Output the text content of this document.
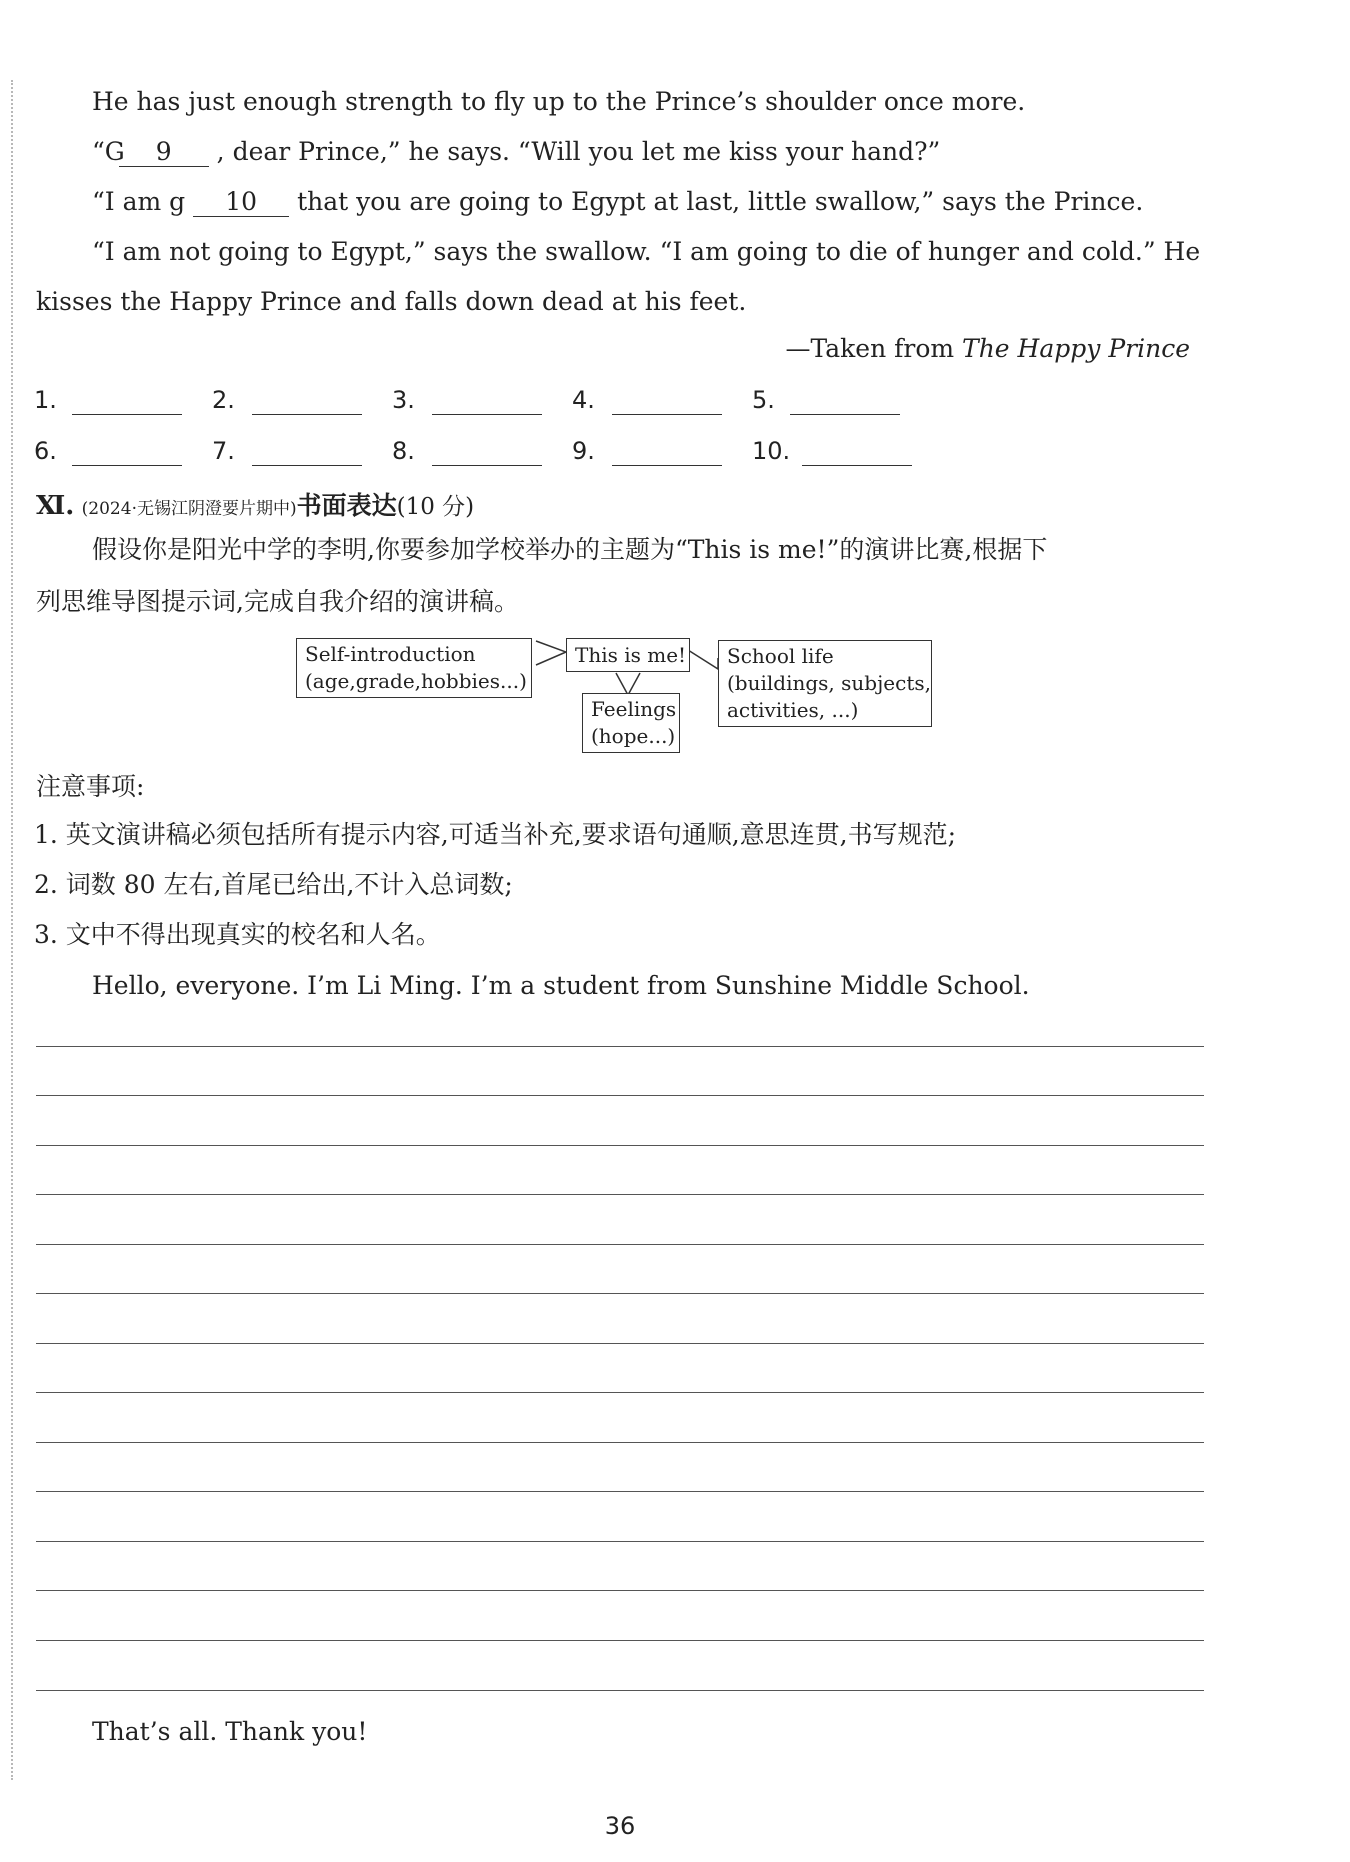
He has just enough strength to fly up to the Prince’s shoulder once more.
“G 9 , dear Prince,” he says. “Will you let me kiss your hand?”
“I am g 10 that you are going to Egypt at last, little swallow,” says the Prince.
“I am not going to Egypt,” says the swallow. “I am going to die of hunger and cold.” He
kisses the Happy Prince and falls down dead at his feet.
—Taken from The Happy Prince
1.	2.	3.	4.	5.
6.	7.	8.	9.	10.
Ⅺ. (2024·无锡江阴澄要片期中)书面表达(10 分)
假设你是阳光中学的李明,你要参加学校举办的主题为“This is me!”的演讲比赛,根据下
列思维导图提示词,完成自我介绍的演讲稿。
Self-introduction
(age,grade,hobbies...)
This is me! School life
(buildings, subjects,
activities, ...)
Feelings
(hope...)
注意事项:
1. 英文演讲稿必须包括所有提示内容,可适当补充,要求语句通顺,意思连贯,书写规范;
2. 词数 80 左右,首尾已给出,不计入总词数;
3. 文中不得出现真实的校名和人名。
Hello, everyone. I’m Li Ming. I’m a student from Sunshine Middle School.
That’s all. Thank you!
36
